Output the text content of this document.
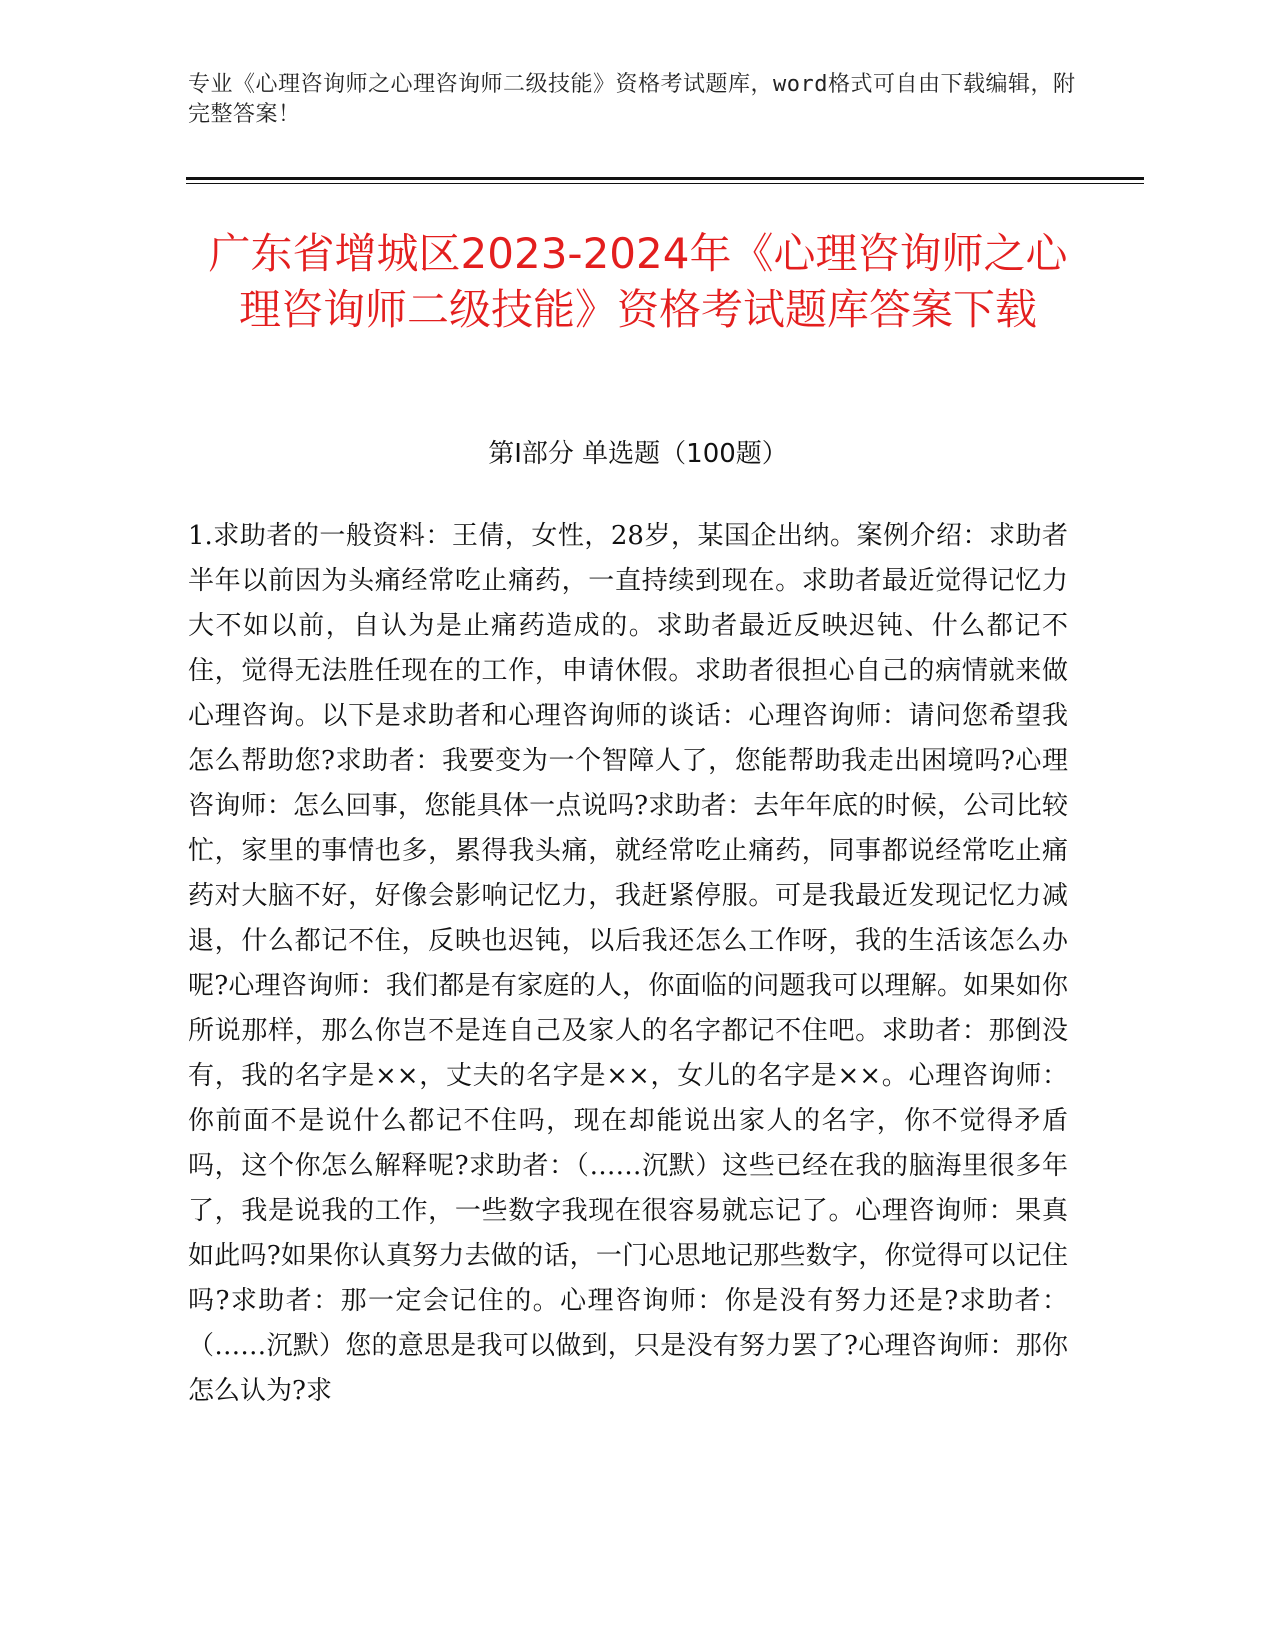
专业《心理咨询师之心理咨询师二级技能》资格考试题库，word格式可自由下载编辑，附完整答案！
广东省增城区2023-2024年《心理咨询师之心理咨询师二级技能》资格考试题库答案下载
第I部分 单选题（100题）

1.求助者的一般资料：王倩，女性，28岁，某国企出纳。案例介绍：求助者半年以前因为头痛经常吃止痛药，一直持续到现在。求助者最近觉得记忆力大不如以前，自认为是止痛药造成的。求助者最近反映迟钝、什么都记不住，觉得无法胜任现在的工作，申请休假。求助者很担心自己的病情就来做心理咨询。以下是求助者和心理咨询师的谈话：心理咨询师：请问您希望我怎么帮助您?求助者：我要变为一个智障人了，您能帮助我走出困境吗?心理咨询师：怎么回事，您能具体一点说吗?求助者：去年年底的时候，公司比较忙，家里的事情也多，累得我头痛，就经常吃止痛药，同事都说经常吃止痛药对大脑不好，好像会影响记忆力，我赶紧停服。可是我最近发现记忆力减退，什么都记不住，反映也迟钝，以后我还怎么工作呀，我的生活该怎么办呢?心理咨询师：我们都是有家庭的人，你面临的问题我可以理解。如果如你所说那样，那么你岂不是连自己及家人的名字都记不住吧。求助者：那倒没有，我的名字是××，丈夫的名字是××，女儿的名字是××。心理咨询师：你前面不是说什么都记不住吗，现在却能说出家人的名字，你不觉得矛盾吗，这个你怎么解释呢?求助者：（……沉默）这些已经在我的脑海里很多年了，我是说我的工作，一些数字我现在很容易就忘记了。心理咨询师：果真如此吗?如果你认真努力去做的话，一门心思地记那些数字，你觉得可以记住吗?求助者：那一定会记住的。心理咨询师：你是没有努力还是?求助者：（……沉默）您的意思是我可以做到，只是没有努力罢了?心理咨询师：那你怎么认为?求
